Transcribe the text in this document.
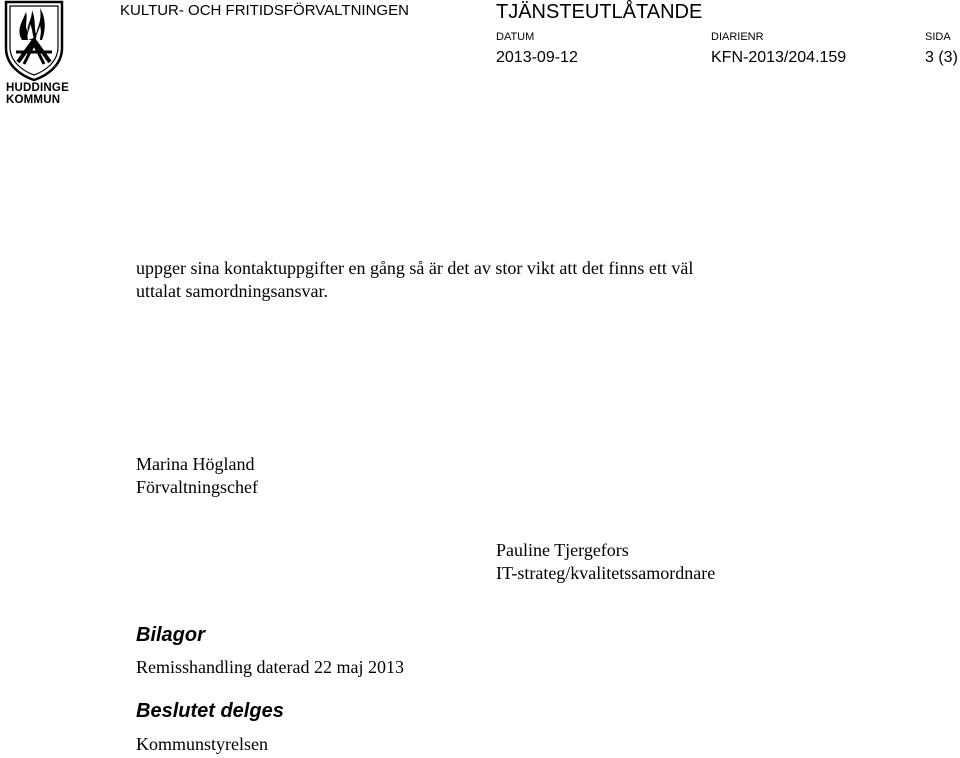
HUDDINGE
KOMMUN
KULTUR- OCH FRITIDSFÖRVALTNINGEN	TJÄNSTEUTLÅTANDE
DATUM	DIARIENR	SIDA
2013-09-12	KFN-2013/204.159	3 (3)
uppger sina kontaktuppgifter en gång så är det av stor vikt att det finns ett väl
uttalat samordningsansvar.
Marina Högland
Förvaltningschef
Pauline Tjergefors
IT-strateg/kvalitetssamordnare
Bilagor
Remisshandling daterad 22 maj 2013
Beslutet delges
Kommunstyrelsen
